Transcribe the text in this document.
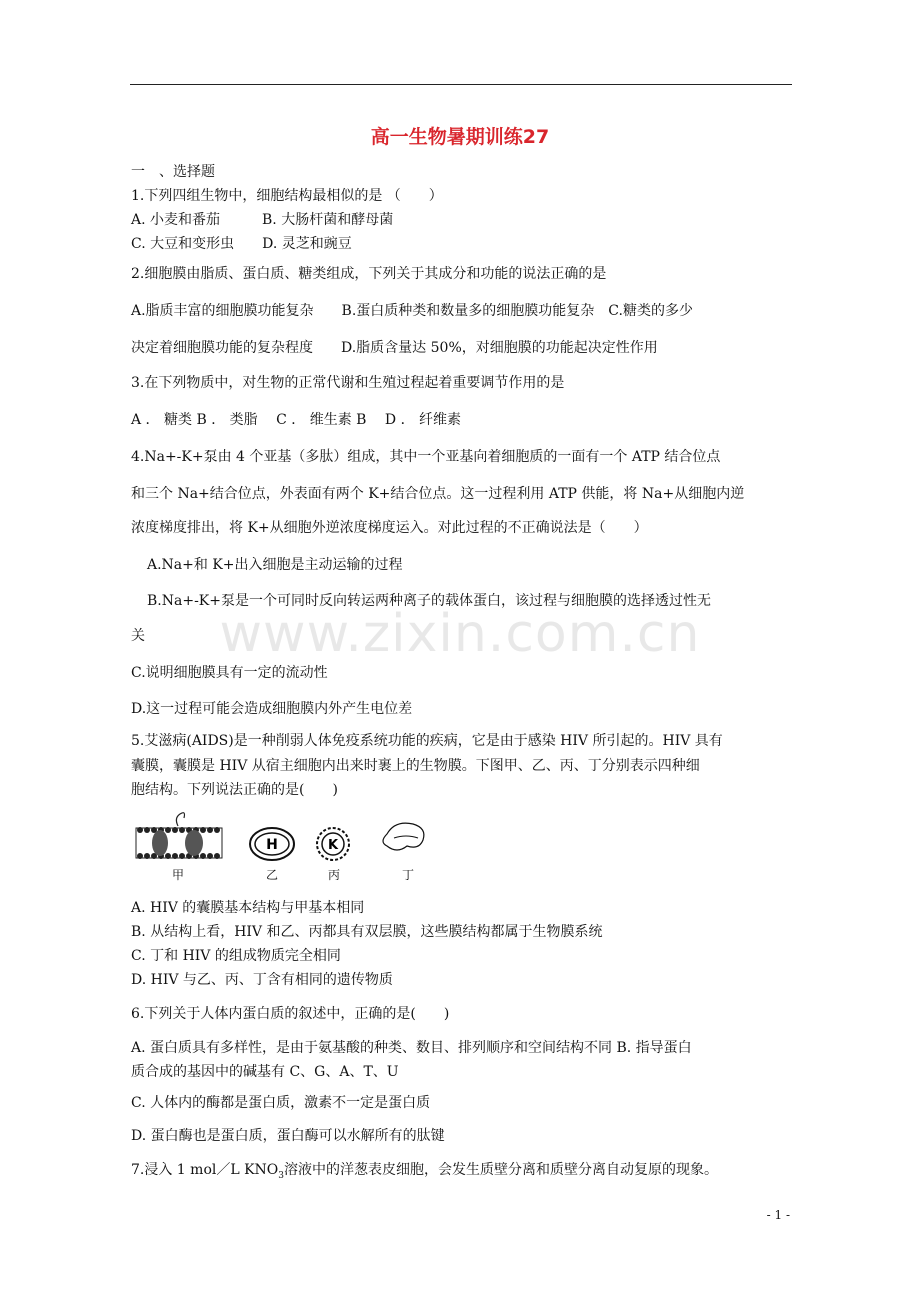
高一生物暑期训练27
一　、选择题
1.下列四组生物中，细胞结构最相似的是 （　　）
A. 小麦和番茄　　　B. 大肠杆菌和酵母菌
C. 大豆和变形虫　　D. 灵芝和豌豆
2.细胞膜由脂质、蛋白质、糖类组成，下列关于其成分和功能的说法正确的是
A.脂质丰富的细胞膜功能复杂　　B.蛋白质种类和数量多的细胞膜功能复杂　C.糖类的多少
决定着细胞膜功能的复杂程度　　D.脂质含量达 50%，对细胞膜的功能起决定性作用
3.在下列物质中，对生物的正常代谢和生殖过程起着重要调节作用的是
A ． 糖类 B ． 类脂　 C ． 维生素 B　 D ． 纤维素
4.Na+-K+泵由 4 个亚基（多肽）组成，其中一个亚基向着细胞质的一面有一个 ATP 结合位点
和三个 Na+结合位点，外表面有两个 K+结合位点。这一过程利用 ATP 供能，将 Na+从细胞内逆
浓度梯度排出，将 K+从细胞外逆浓度梯度运入。对此过程的不正确说法是（　　）
A.Na+和 K+出入细胞是主动运输的过程
B.Na+-K+泵是一个可同时反向转运两种离子的载体蛋白，该过程与细胞膜的选择透过性无
关
C.说明细胞膜具有一定的流动性
D.这一过程可能会造成细胞膜内外产生电位差
5.艾滋病(AIDS)是一种削弱人体免疫系统功能的疾病，它是由于感染 HIV 所引起的。HIV 具有
囊膜，囊膜是 HIV 从宿主细胞内出来时裹上的生物膜。下图甲、乙、丙、丁分别表示四种细
胞结构。下列说法正确的是(　　)
H	K
甲	乙	丙	丁
A. HIV 的囊膜基本结构与甲基本相同
B. 从结构上看，HIV 和乙、丙都具有双层膜，这些膜结构都属于生物膜系统
C. 丁和 HIV 的组成物质完全相同
D. HIV 与乙、丙、丁含有相同的遗传物质
6.下列关于人体内蛋白质的叙述中，正确的是(　　)
A. 蛋白质具有多样性，是由于氨基酸的种类、数目、排列顺序和空间结构不同 B. 指导蛋白
质合成的基因中的碱基有 C、G、A、T、U
C. 人体内的酶都是蛋白质，激素不一定是蛋白质
D. 蛋白酶也是蛋白质，蛋白酶可以水解所有的肽键
7.浸入 1 mol／L $KNO_3$溶液中的洋葱表皮细胞，会发生质壁分离和质壁分离自动复原的现象。
www.zixin.com.cn
- 1 -
